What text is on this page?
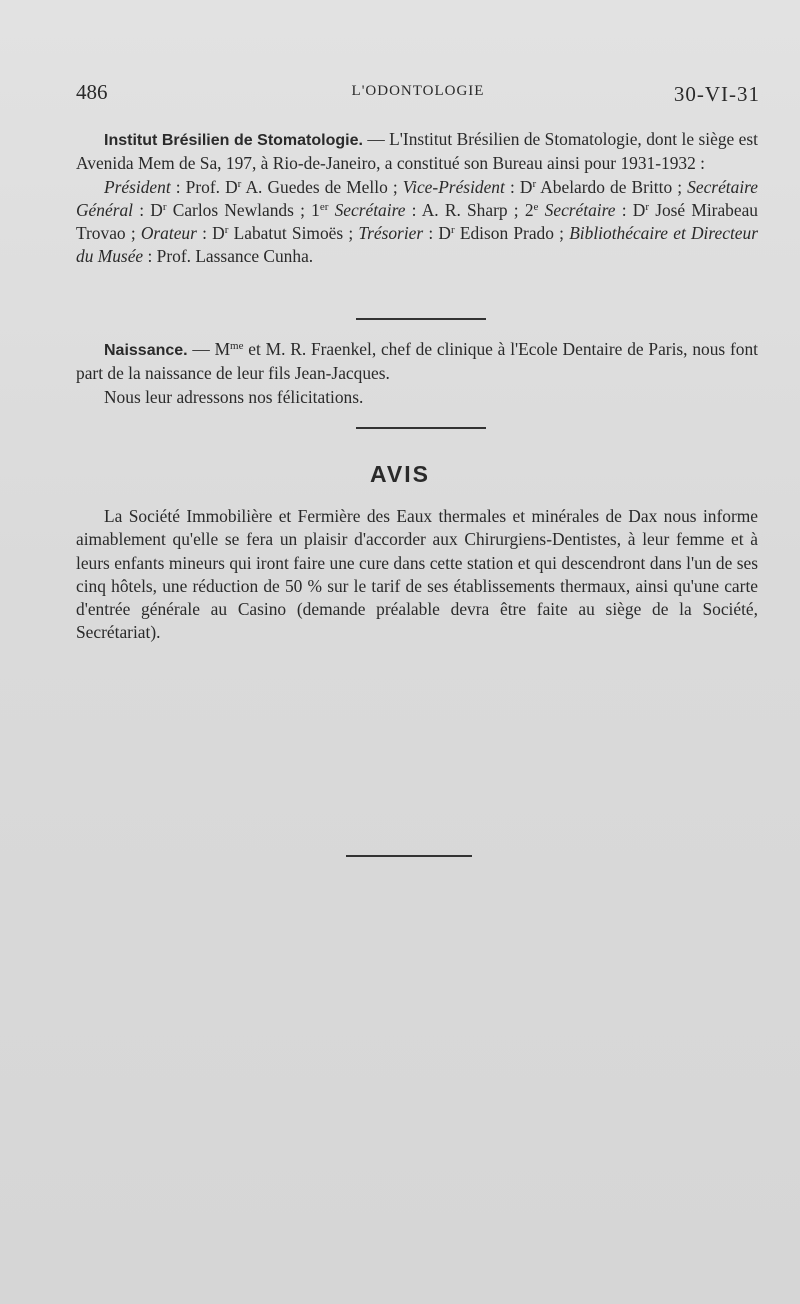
486	L'ODONTOLOGIE	30-VI-31

Institut Brésilien de Stomatologie. — L'Institut Brésilien de Stomatologie, dont le siège est Avenida Mem de Sa, 197, à Rio-de-Janeiro, a constitué son Bureau ainsi pour 1931-1932 :

Président : Prof. $D^r$ A. Guedes de Mello ; Vice-Président : $D^r$ Abelardo de Britto ; Secrétaire Général : $D^r$ Carlos Newlands ; 1er Secrétaire : A. R. Sharp ; 2e Secrétaire : $D^r$ José Mirabeau Trovao ; Orateur : $D^r$ Labatut Simoës ; Trésorier : $D^r$ Edison Prado ; Bibliothécaire et Directeur du Musée : Prof. Lassance Cunha.

Naissance. — $M^{me}$ et M. R. Fraenkel, chef de clinique à l'Ecole Dentaire de Paris, nous font part de la naissance de leur fils Jean-Jacques.

Nous leur adressons nos félicitations.

AVIS

La Société Immobilière et Fermière des Eaux thermales et minérales de Dax nous informe aimablement qu'elle se fera un plaisir d'accorder aux Chirurgiens-Dentistes, à leur femme et à leurs enfants mineurs qui iront faire une cure dans cette station et qui descendront dans l'un de ses cinq hôtels, une réduction de 50 % sur le tarif de ses établissements thermaux, ainsi qu'une carte d'entrée générale au Casino (demande préalable devra être faite au siège de la Société, Secrétariat).
